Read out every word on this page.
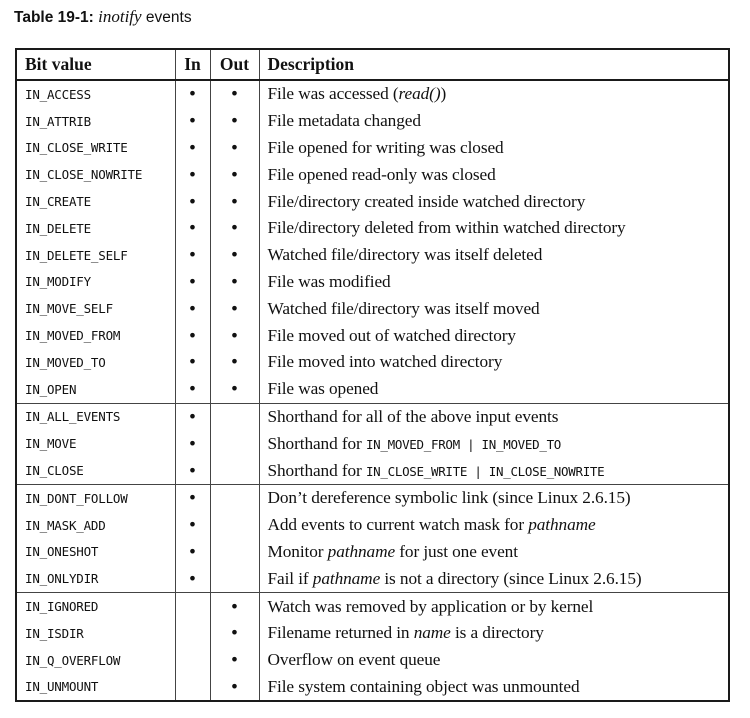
Table 19-1: inotify events
Bit value	In	Out	Description
IN_ACCESS	•	•	File was accessed (read())
IN_ATTRIB	•	•	File metadata changed
IN_CLOSE_WRITE	•	•	File opened for writing was closed
IN_CLOSE_NOWRITE	•	•	File opened read-only was closed
IN_CREATE	•	•	File/directory created inside watched directory
IN_DELETE	•	•	File/directory deleted from within watched directory
IN_DELETE_SELF	•	•	Watched file/directory was itself deleted
IN_MODIFY	•	•	File was modified
IN_MOVE_SELF	•	•	Watched file/directory was itself moved
IN_MOVED_FROM	•	•	File moved out of watched directory
IN_MOVED_TO	•	•	File moved into watched directory
IN_OPEN	•	•	File was opened
IN_ALL_EVENTS	•		Shorthand for all of the above input events
IN_MOVE	•		Shorthand for IN_MOVED_FROM | IN_MOVED_TO
IN_CLOSE	•		Shorthand for IN_CLOSE_WRITE | IN_CLOSE_NOWRITE
IN_DONT_FOLLOW	•		Don’t dereference symbolic link (since Linux 2.6.15)
IN_MASK_ADD	•		Add events to current watch mask for pathname
IN_ONESHOT	•		Monitor pathname for just one event
IN_ONLYDIR	•		Fail if pathname is not a directory (since Linux 2.6.15)
IN_IGNORED		•	Watch was removed by application or by kernel
IN_ISDIR		•	Filename returned in name is a directory
IN_Q_OVERFLOW		•	Overflow on event queue
IN_UNMOUNT		•	File system containing object was unmounted
